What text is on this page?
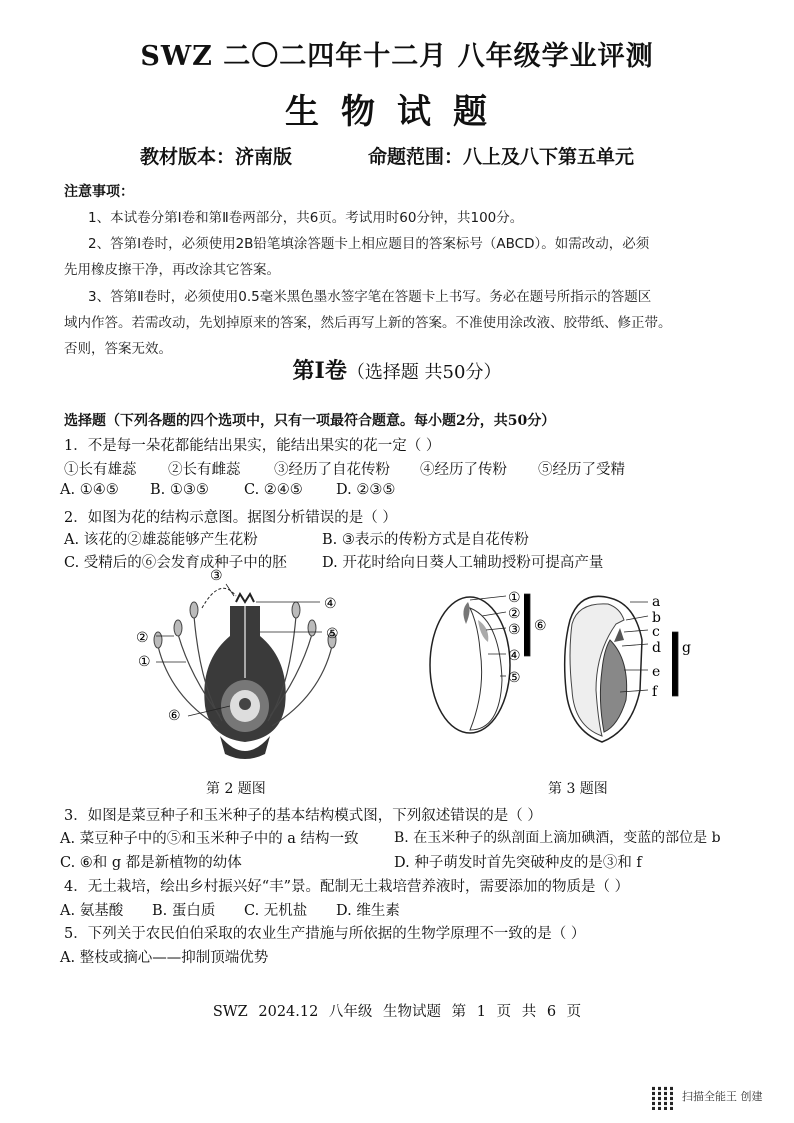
SWZ 二〇二四年十二月 八年级学业评测
生物试题
教材版本：济南版	命题范围：八上及八下第五单元
注意事项：
1、本试卷分第Ⅰ卷和第Ⅱ卷两部分，共6页。考试用时60分钟，共100分。
2、答第Ⅰ卷时，必须使用2B铅笔填涂答题卡上相应题目的答案标号（ABCD）。如需改动，必须
先用橡皮擦干净，再改涂其它答案。
3、答第Ⅱ卷时，必须使用0.5毫米黑色墨水签字笔在答题卡上书写。务必在题号所指示的答题区
域内作答。若需改动，先划掉原来的答案，然后再写上新的答案。不准使用涂改液、胶带纸、修正带。
否则，答案无效。
第Ⅰ卷（选择题 共50分）
选择题（下列各题的四个选项中，只有一项最符合题意。每小题2分，共50分）
1．不是每一朵花都能结出果实，能结出果实的花一定（ ）
①长有雄蕊 ②长有雌蕊 ③经历了自花传粉 ④经历了传粉 ⑤经历了受精
A. ①④⑤ B. ①③⑤ C. ②④⑤ D. ②③⑤
2．如图为花的结构示意图。据图分析错误的是（ ）
A. 该花的②雄蕊能够产生花粉	B. ③表示的传粉方式是自花传粉
C. 受精后的⑥会发育成种子中的胚 D. 开花时给向日葵人工辅助授粉可提高产量
③
④
②	⑤
①
⑥
第 2 题图
①
②
③
④
⑤
⑥
a
b
c
d
e
f
g
第 3 题图
3．如图是菜豆种子和玉米种子的基本结构模式图，下列叙述错误的是（ ）
A. 菜豆种子中的⑤和玉米种子中的 a 结构一致	B. 在玉米种子的纵剖面上滴加碘酒，变蓝的部位是 b
C. ⑥和 g 都是新植物的幼体	D. 种子萌发时首先突破种皮的是③和 f
4．无土栽培，绘出乡村振兴好“丰”景。配制无土栽培营养液时，需要添加的物质是（ ）
A. 氨基酸 B. 蛋白质 C. 无机盐 D. 维生素
5．下列关于农民伯伯采取的农业生产措施与所依据的生物学原理不一致的是（ ）
A. 整枝或摘心——抑制顶端优势
SWZ 2024.12 八年级 生物试题 第 1 页 共 6 页
扫描全能王 创建
